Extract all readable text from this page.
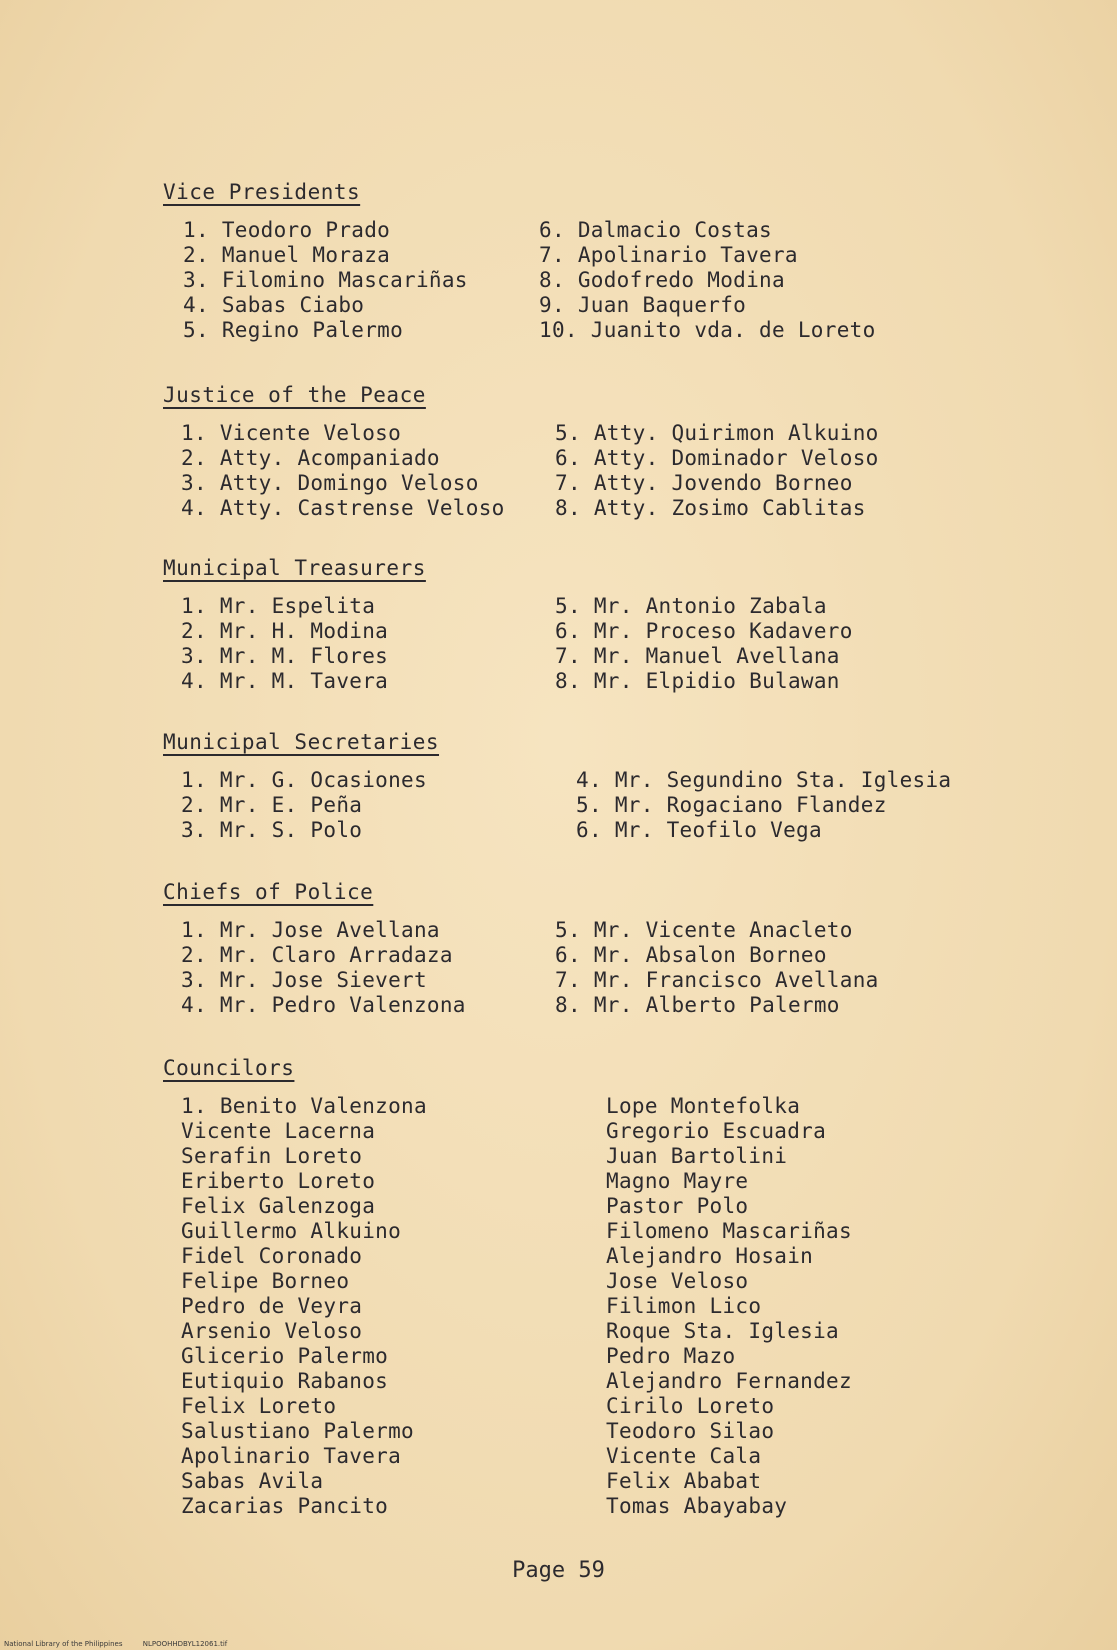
Vice Presidents
1. Teodoro Prado
2. Manuel Moraza
3. Filomino Mascariñas
4. Sabas Ciabo
5. Regino Palermo
6. Dalmacio Costas
7. Apolinario Tavera
8. Godofredo Modina
9. Juan Baquerfo
10. Juanito vda. de Loreto
Justice of the Peace
1. Vicente Veloso
2. Atty. Acompaniado
3. Atty. Domingo Veloso
4. Atty. Castrense Veloso
5. Atty. Quirimon Alkuino
6. Atty. Dominador Veloso
7. Atty. Jovendo Borneo
8. Atty. Zosimo Cablitas
Municipal Treasurers
1. Mr. Espelita
2. Mr. H. Modina
3. Mr. M. Flores
4. Mr. M. Tavera
5. Mr. Antonio Zabala
6. Mr. Proceso Kadavero
7. Mr. Manuel Avellana
8. Mr. Elpidio Bulawan
Municipal Secretaries
1. Mr. G. Ocasiones
2. Mr. E. Peña
3. Mr. S. Polo
4. Mr. Segundino Sta. Iglesia
5. Mr. Rogaciano Flandez
6. Mr. Teofilo Vega
Chiefs of Police
1. Mr. Jose Avellana
2. Mr. Claro Arradaza
3. Mr. Jose Sievert
4. Mr. Pedro Valenzona
5. Mr. Vicente Anacleto
6. Mr. Absalon Borneo
7. Mr. Francisco Avellana
8. Mr. Alberto Palermo
Councilors
1. Benito Valenzona
Vicente Lacerna
Serafin Loreto
Eriberto Loreto
Felix Galenzoga
Guillermo Alkuino
Fidel Coronado
Felipe Borneo
Pedro de Veyra
Arsenio Veloso
Glicerio Palermo
Eutiquio Rabanos
Felix Loreto
Salustiano Palermo
Apolinario Tavera
Sabas Avila
Zacarias Pancito
Lope Montefolka
Gregorio Escuadra
Juan Bartolini
Magno Mayre
Pastor Polo
Filomeno Mascariñas
Alejandro Hosain
Jose Veloso
Filimon Lico
Roque Sta. Iglesia
Pedro Mazo
Alejandro Fernandez
Cirilo Loreto
Teodoro Silao
Vicente Cala
Felix Ababat
Tomas Abayabay
Page 59
National Library of the Philippines	NLPOOHHDBYL12061.tif
